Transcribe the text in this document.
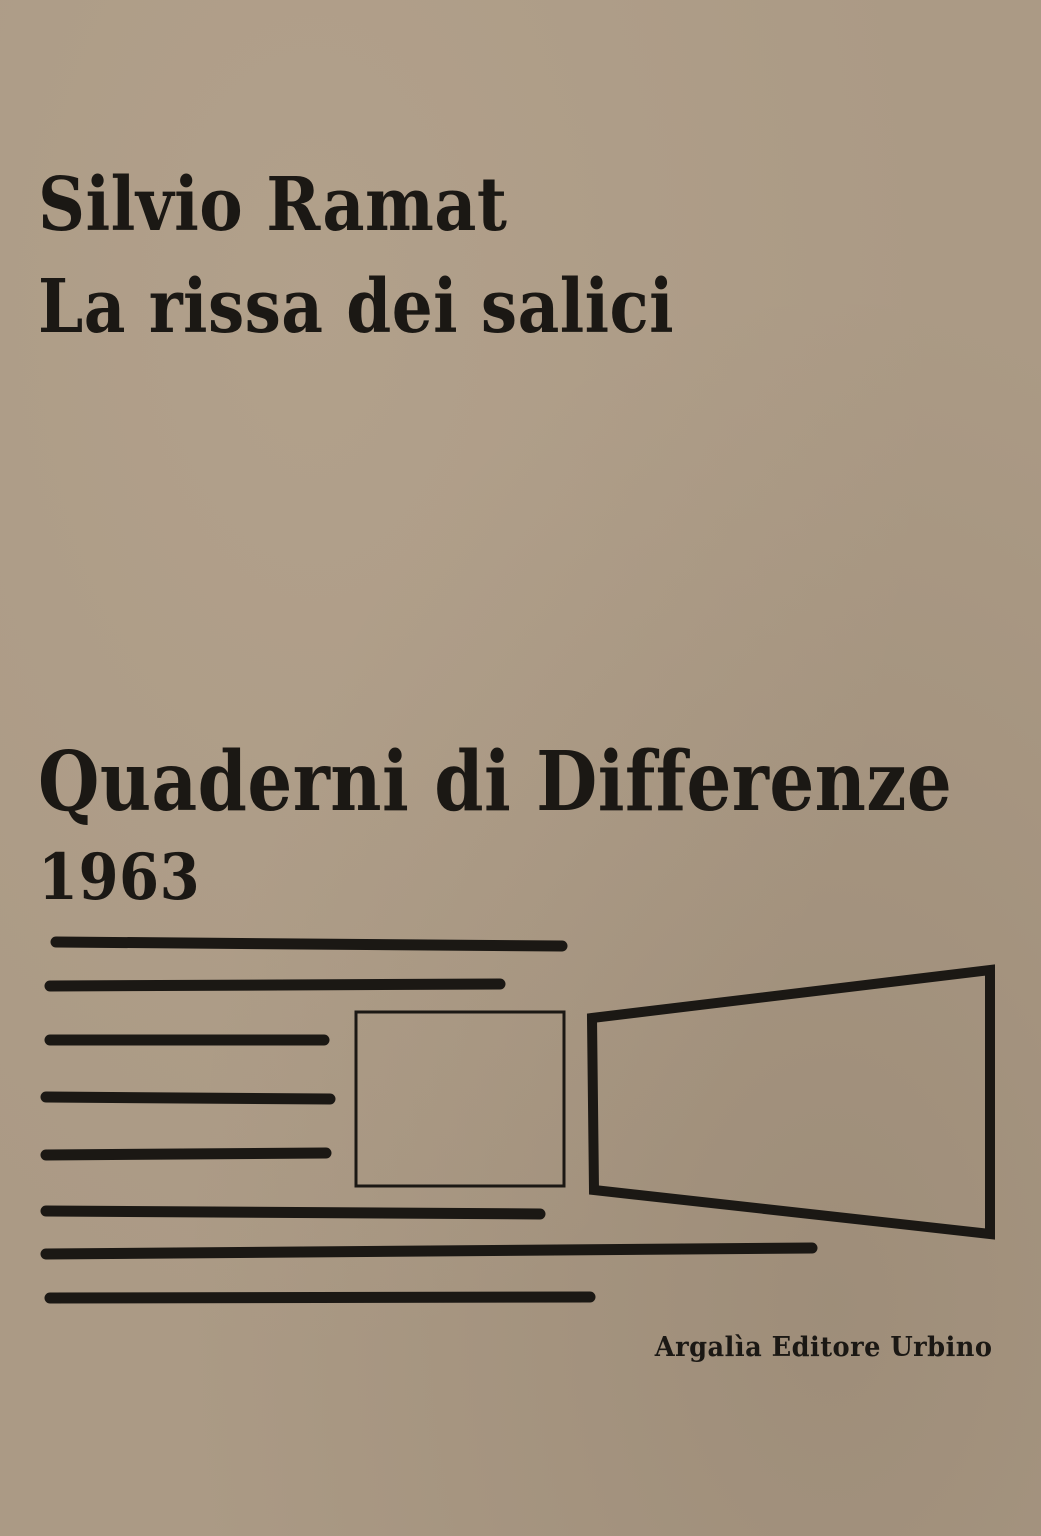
Silvio Ramat
La rissa dei salici
Quaderni di Differenze
1963

Argalìa Editore Urbino
